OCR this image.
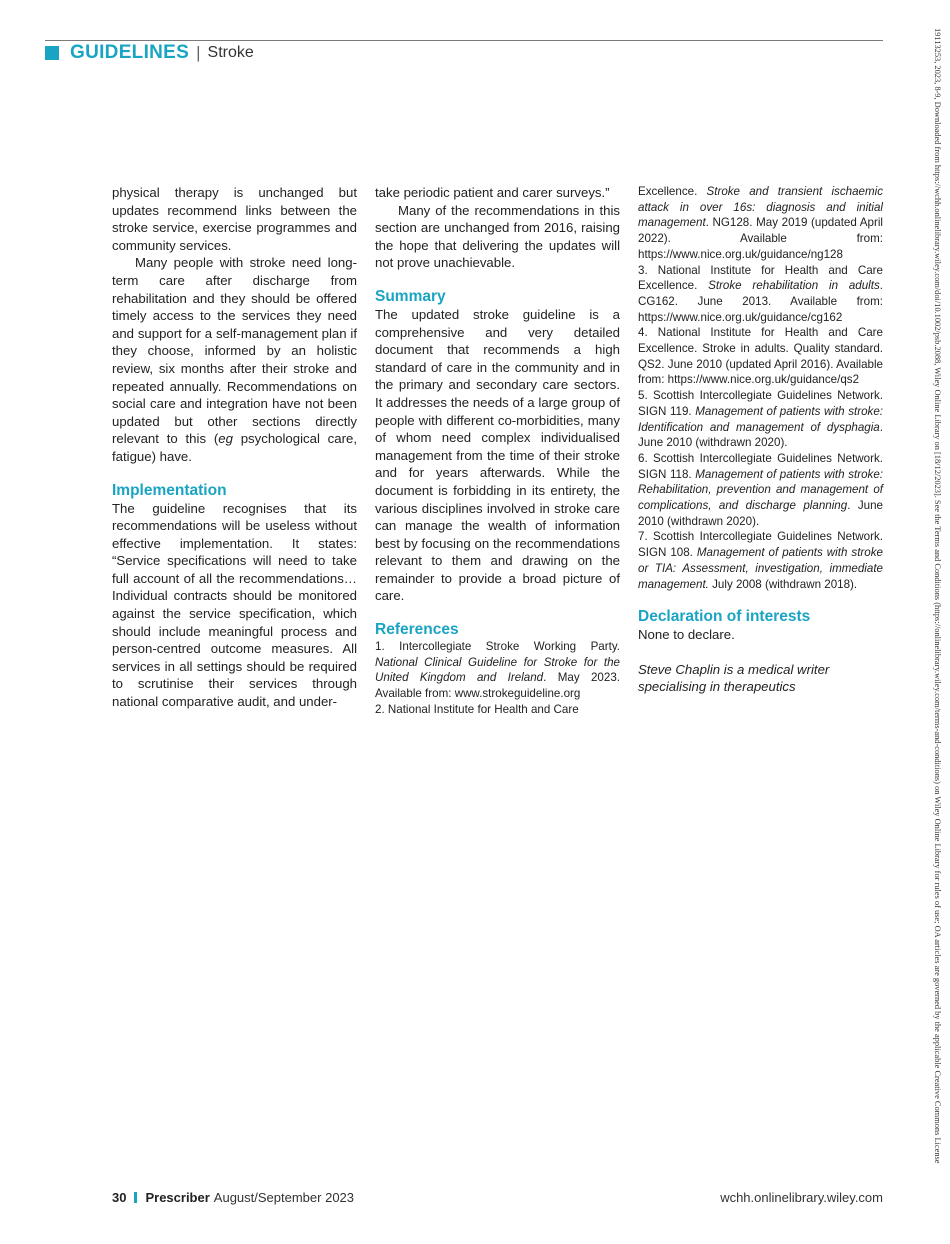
GUIDELINES | Stroke

physical therapy is unchanged but updates recommend links between the stroke service, exercise programmes and community services.

Many people with stroke need long-term care after discharge from rehabilitation and they should be offered timely access to the services they need and support for a self-management plan if they choose, informed by an holistic review, six months after their stroke and repeated annually. Recommendations on social care and integration have not been updated but other sections directly relevant to this (eg psychological care, fatigue) have.

Implementation

The guideline recognises that its recommendations will be useless without effective implementation. It states: “Service specifications will need to take full account of all the recommendations… Individual contracts should be monitored against the service specification, which should include meaningful process and person-centred outcome measures. All services in all settings should be required to scrutinise their services through national comparative audit, and under-

take periodic patient and carer surveys.”

Many of the recommendations in this section are unchanged from 2016, raising the hope that delivering the updates will not prove unachievable.

Summary

The updated stroke guideline is a comprehensive and very detailed document that recommends a high standard of care in the community and in the primary and secondary care sectors. It addresses the needs of a large group of people with different co-morbidities, many of whom need complex individualised management from the time of their stroke and for years afterwards. While the document is forbidding in its entirety, the various disciplines involved in stroke care can manage the wealth of information best by focusing on the recommendations relevant to them and drawing on the remainder to provide a broad picture of care.

References

1. Intercollegiate Stroke Working Party. National Clinical Guideline for Stroke for the United Kingdom and Ireland. May 2023. Available from: www.strokeguideline.org

2. National Institute for Health and Care

Excellence. Stroke and transient ischaemic attack in over 16s: diagnosis and initial management. NG128. May 2019 (updated April 2022). Available from: https://www.nice.org.uk/guidance/ng128

3. National Institute for Health and Care Excellence. Stroke rehabilitation in adults. CG162. June 2013. Available from: https://www.nice.org.uk/guidance/cg162

4. National Institute for Health and Care Excellence. Stroke in adults. Quality standard. QS2. June 2010 (updated April 2016). Available from: https://www.nice.org.uk/guidance/qs2

5. Scottish Intercollegiate Guidelines Network. SIGN 119. Management of patients with stroke: Identification and management of dysphagia. June 2010 (withdrawn 2020).

6. Scottish Intercollegiate Guidelines Network. SIGN 118. Management of patients with stroke: Rehabilitation, prevention and management of complications, and discharge planning. June 2010 (withdrawn 2020).

7. Scottish Intercollegiate Guidelines Network. SIGN 108. Management of patients with stroke or TIA: Assessment, investigation, immediate management. July 2008 (withdrawn 2018).

Declaration of interests

None to declare.

Steve Chaplin is a medical writer specialising in therapeutics

30 Prescriber August/September 2023	wchh.onlinelibrary.wiley.com
19113253, 2023, 8-9, Downloaded from https://wchh.onlinelibrary.wiley.com/doi/10.1002/psb.2088, Wiley Online Library on [18/12/2023]. See the Terms and Conditions (https://onlinelibrary.wiley.com/terms-and-conditions) on Wiley Online Library for rules of use; OA articles are governed by the applicable Creative Commons License
